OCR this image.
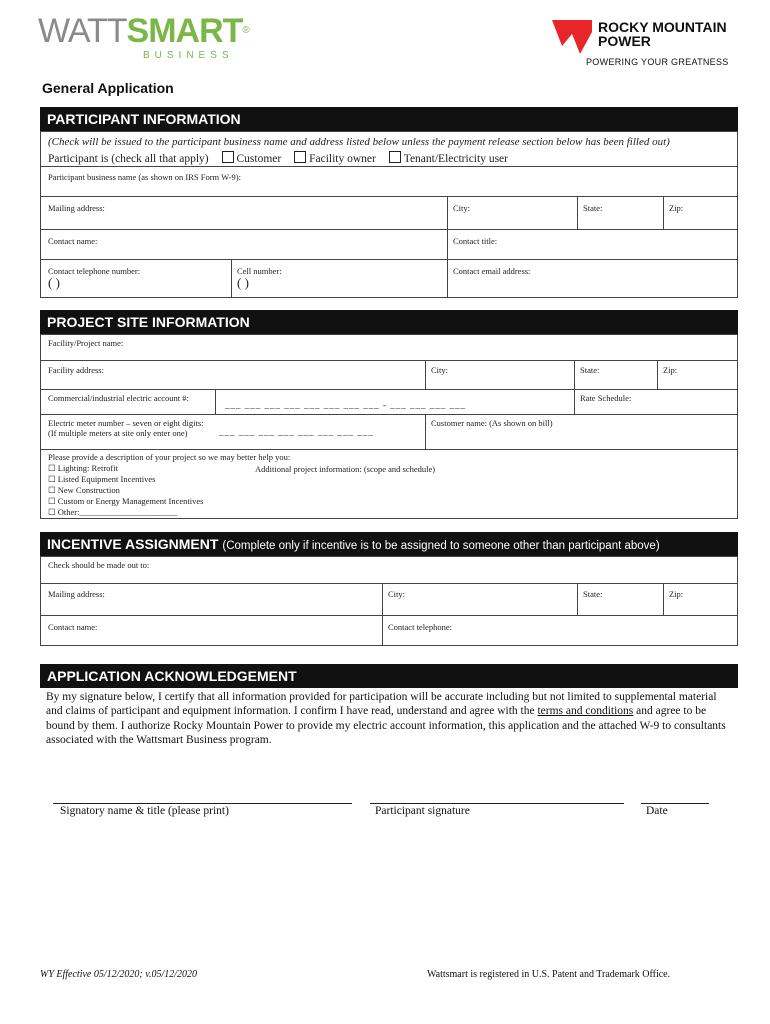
WATTSMART®
BUSINESS
ROCKY MOUNTAIN
POWER
POWERING YOUR GREATNESS
General Application
PARTICIPANT INFORMATION
(Check will be issued to the participant business name and address listed below unless the payment release section below has been filled out)
Participant is (check all that apply) Customer Facility owner Tenant/Electricity user
Participant business name (as shown on IRS Form W-9):
Mailing address:	City:	State:	Zip:
Contact name:	Contact title:
Contact telephone number:
( )
Cell number:
( )
Contact email address:
PROJECT SITE INFORMATION
Facility/Project name:
Facility address:	City:	State:	Zip:
Commercial/industrial electric account #:
___ ___ ___ ___ ___ ___ ___ ___ - ___ ___ ___ ___
Rate Schedule:
Electric meter number – seven or eight digits: (If multiple meters at site only enter one)	___ ___ ___ ___ ___ ___ ___ ___
Customer name: (As shown on bill)
Please provide a description of your project so we may better help you:
☐ Lighting: Retrofit
☐ Listed Equipment Incentives
☐ New Construction
☐ Custom or Energy Management Incentives
☐ Other:_______________________
Additional project information: (scope and schedule)
INCENTIVE ASSIGNMENT (Complete only if incentive is to be assigned to someone other than participant above)
Check should be made out to:
Mailing address:	City:	State:	Zip:
Contact name:	Contact telephone:
APPLICATION ACKNOWLEDGEMENT
By my signature below, I certify that all information provided for participation will be accurate including but not limited to supplemental material and claims of participant and equipment information. I confirm I have read, understand and agree with the terms and conditions and agree to be bound by them. I authorize Rocky Mountain Power to provide my electric account information, this application and the attached W-9 to consultants associated with the Wattsmart Business program.
Signatory name & title (please print)	Participant signature	Date
WY Effective 05/12/2020; v.05/12/2020	Wattsmart is registered in U.S. Patent and Trademark Office.
